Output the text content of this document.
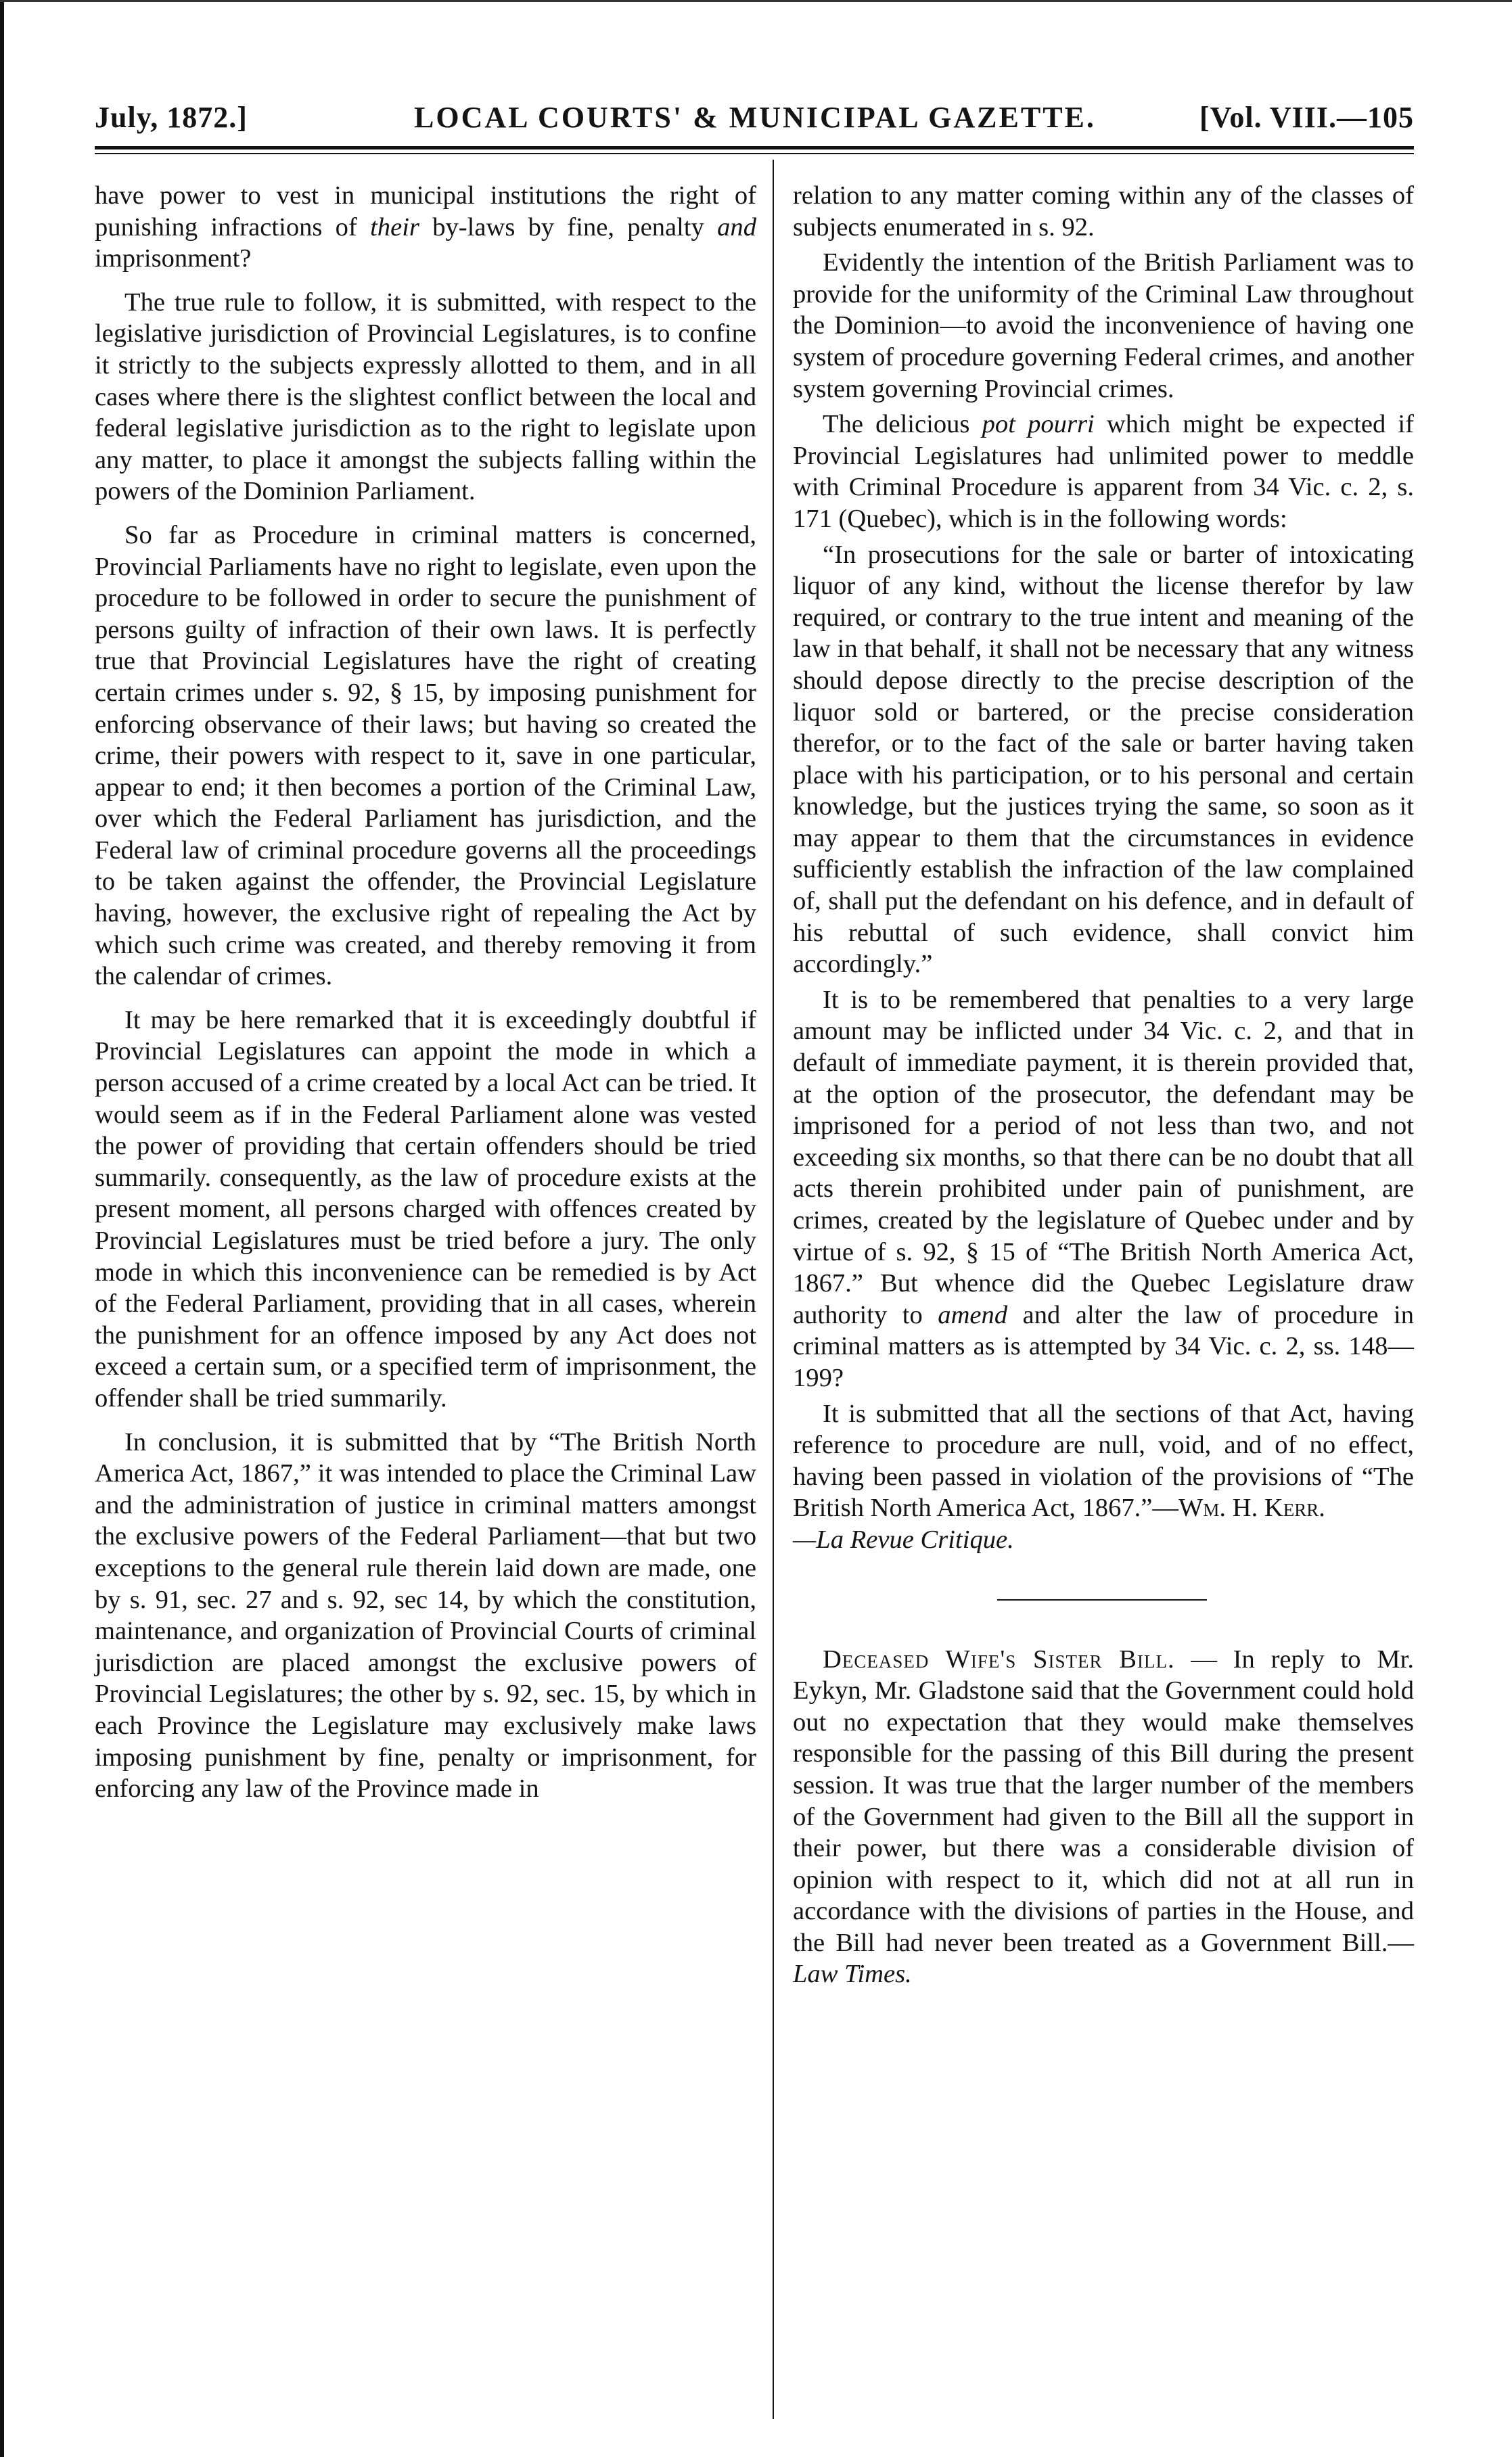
July, 1872.]	LOCAL COURTS' & MUNICIPAL GAZETTE.	[Vol. VIII.—105

have power to vest in municipal institutions the right of punishing infractions of their by-laws by fine, penalty and imprisonment?

The true rule to follow, it is submitted, with respect to the legislative jurisdiction of Provincial Legislatures, is to confine it strictly to the subjects expressly allotted to them, and in all cases where there is the slightest conflict between the local and federal legislative jurisdiction as to the right to legislate upon any matter, to place it amongst the subjects falling within the powers of the Dominion Parliament.

So far as Procedure in criminal matters is concerned, Provincial Parliaments have no right to legislate, even upon the procedure to be followed in order to secure the punishment of persons guilty of infraction of their own laws. It is perfectly true that Provincial Legislatures have the right of creating certain crimes under s. 92, § 15, by imposing punishment for enforcing observance of their laws; but having so created the crime, their powers with respect to it, save in one particular, appear to end; it then becomes a portion of the Criminal Law, over which the Federal Parliament has jurisdiction, and the Federal law of criminal procedure governs all the proceedings to be taken against the offender, the Provincial Legislature having, however, the exclusive right of repealing the Act by which such crime was created, and thereby removing it from the calendar of crimes.

It may be here remarked that it is exceedingly doubtful if Provincial Legislatures can appoint the mode in which a person accused of a crime created by a local Act can be tried. It would seem as if in the Federal Parliament alone was vested the power of providing that certain offenders should be tried summarily. consequently, as the law of procedure exists at the present moment, all persons charged with offences created by Provincial Legislatures must be tried before a jury. The only mode in which this inconvenience can be remedied is by Act of the Federal Parliament, providing that in all cases, wherein the punishment for an offence imposed by any Act does not exceed a certain sum, or a specified term of imprisonment, the offender shall be tried summarily.

In conclusion, it is submitted that by “The British North America Act, 1867,” it was intended to place the Criminal Law and the administration of justice in criminal matters amongst the exclusive powers of the Federal Parliament—that but two exceptions to the general rule therein laid down are made, one by s. 91, sec. 27 and s. 92, sec 14, by which the constitution, maintenance, and organization of Provincial Courts of criminal jurisdiction are placed amongst the exclusive powers of Provincial Legislatures; the other by s. 92, sec. 15, by which in each Province the Legislature may exclusively make laws imposing punishment by fine, penalty or imprisonment, for enforcing any law of the Province made in

relation to any matter coming within any of the classes of subjects enumerated in s. 92.

Evidently the intention of the British Parliament was to provide for the uniformity of the Criminal Law throughout the Dominion—to avoid the inconvenience of having one system of procedure governing Federal crimes, and another system governing Provincial crimes.

The delicious pot pourri which might be expected if Provincial Legislatures had unlimited power to meddle with Criminal Procedure is apparent from 34 Vic. c. 2, s. 171 (Quebec), which is in the following words:

“In prosecutions for the sale or barter of intoxicating liquor of any kind, without the license therefor by law required, or contrary to the true intent and meaning of the law in that behalf, it shall not be necessary that any witness should depose directly to the precise description of the liquor sold or bartered, or the precise consideration therefor, or to the fact of the sale or barter having taken place with his participation, or to his personal and certain knowledge, but the justices trying the same, so soon as it may appear to them that the circumstances in evidence sufficiently establish the infraction of the law complained of, shall put the defendant on his defence, and in default of his rebuttal of such evidence, shall convict him accordingly.”

It is to be remembered that penalties to a very large amount may be inflicted under 34 Vic. c. 2, and that in default of immediate payment, it is therein provided that, at the option of the prosecutor, the defendant may be imprisoned for a period of not less than two, and not exceeding six months, so that there can be no doubt that all acts therein prohibited under pain of punishment, are crimes, created by the legislature of Quebec under and by virtue of s. 92, § 15 of “The British North America Act, 1867.” But whence did the Quebec Legislature draw authority to amend and alter the law of procedure in criminal matters as is attempted by 34 Vic. c. 2, ss. 148—199?

It is submitted that all the sections of that Act, having reference to procedure are null, void, and of no effect, having been passed in violation of the provisions of “The British North America Act, 1867.”—Wm. H. Kerr.
—La Revue Critique.

Deceased Wife's Sister Bill. — In reply to Mr. Eykyn, Mr. Gladstone said that the Government could hold out no expectation that they would make themselves responsible for the passing of this Bill during the present session. It was true that the larger number of the members of the Government had given to the Bill all the support in their power, but there was a considerable division of opinion with respect to it, which did not at all run in accordance with the divisions of parties in the House, and the Bill had never been treated as a Government Bill.—Law Times.
